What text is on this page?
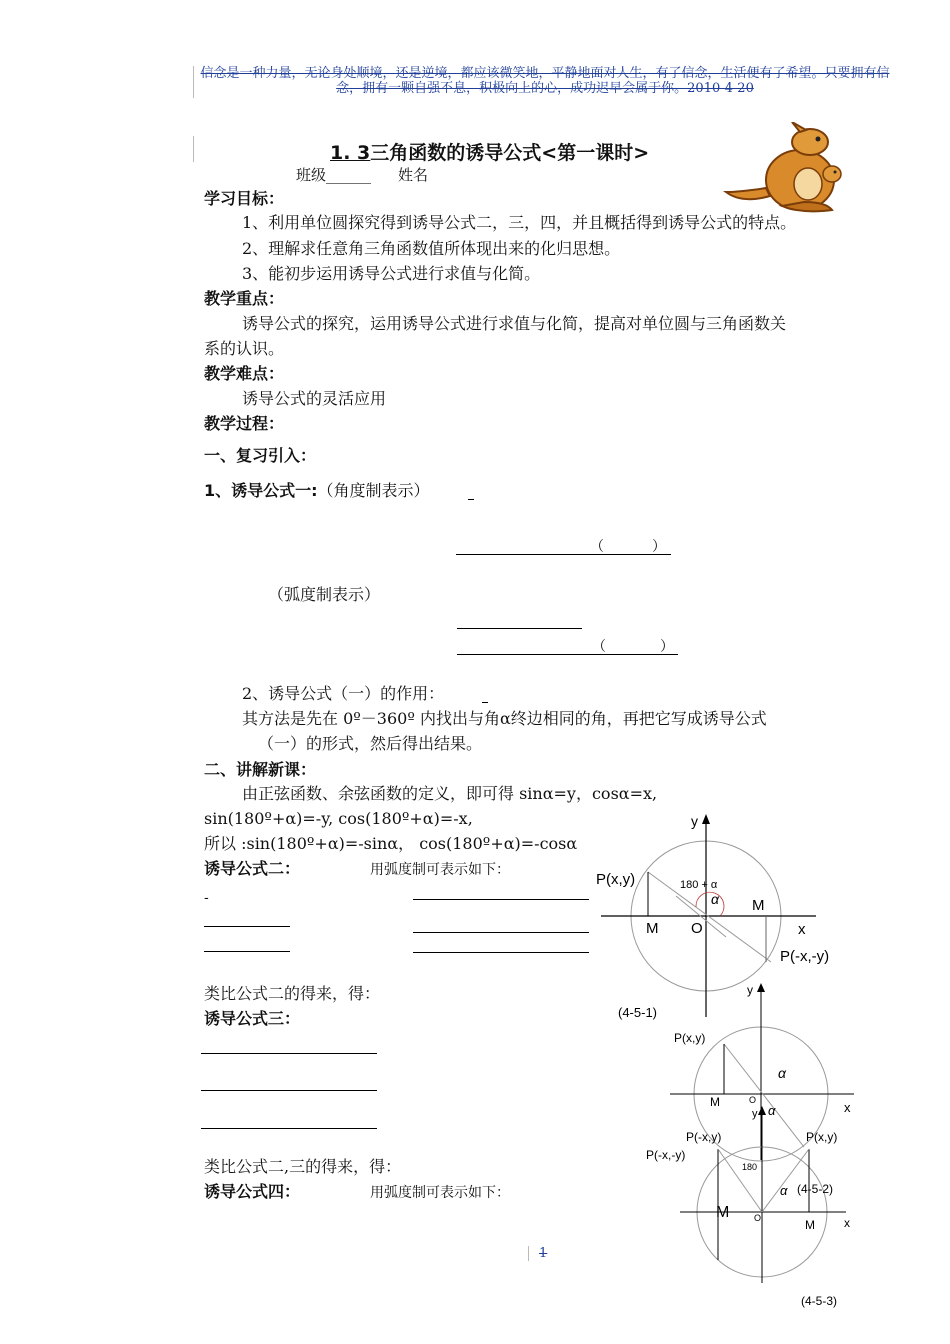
信念是一种力量，无论身处顺境，还是逆境，都应该微笑地，平静地面对人生，有了信念，生活便有了希望。只要拥有信念，拥有一颗自强不息，积极向上的心，成功迟早会属于你。2010-4-20
1. 3三角函数的诱导公式<第一课时>
班级______ 姓名
学习目标：
1、利用单位圆探究得到诱导公式二，三，四，并且概括得到诱导公式的特点。
2、理解求任意角三角函数值所体现出来的化归思想。
3、能初步运用诱导公式进行求值与化简。
教学重点：
诱导公式的探究，运用诱导公式进行求值与化简，提高对单位圆与三角函数关
系的认识。
教学难点：
诱导公式的灵活应用
教学过程：
一、复习引入：
1、诱导公式一:（角度制表示）
（	）
（弧度制表示）
（	）
2、诱导公式（一）的作用：
其方法是先在 0º－360º 内找出与角α终边相同的角，再把它写成诱导公式
（一）的形式，然后得出结果。
二、讲解新课：
由正弦函数、余弦函数的定义，即可得 sinα=y，cosα=x,
sin(180º+α)=-y, cos(180º+α)=-x,
所以 :sin(180º+α)=-sinα， cos(180º+α)=-cosα
诱导公式二：	用弧度制可表示如下：
-
类比公式二的得来，得：
诱导公式三：
类比公式二,三的得来，得：
诱导公式四：	用弧度制可表示如下：
1
y
P(x,y)	180 + α
α M
x
M O
P(-x,-y)
(4-5-1)
y
P(x,y)
α
M	O	x
P(-x,-y)
y α
P(-x,y)	P(x,y)
180
α (4-5-2)
M	O	M x
(4-5-3)
